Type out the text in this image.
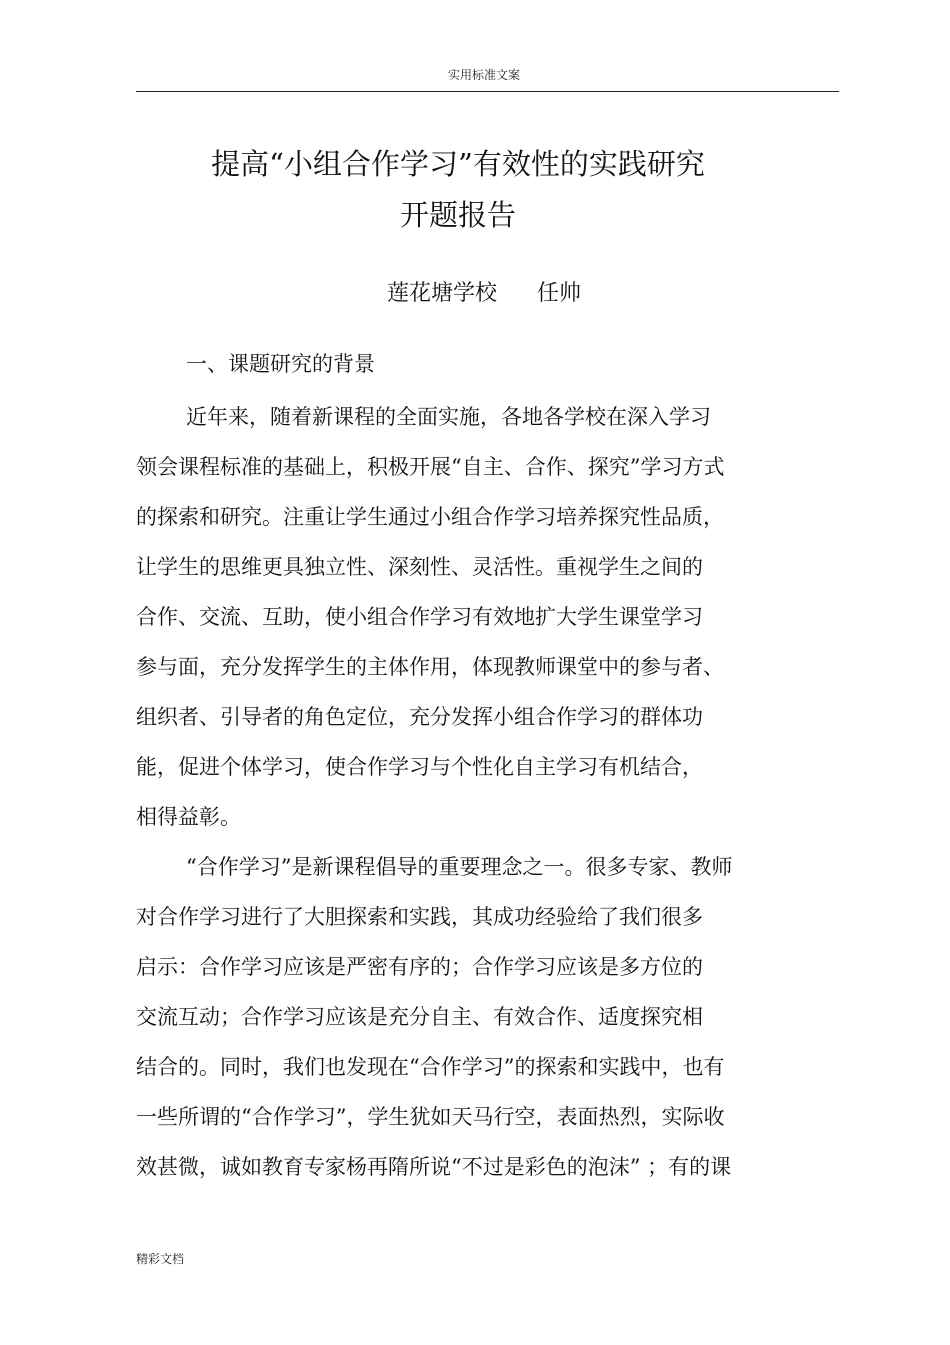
实用标准文案
提高“小组合作学习”有效性的实践研究
开题报告
莲花塘学校 任帅
一、课题研究的背景
近年来，随着新课程的全面实施，各地各学校在深入学习
领会课程标准的基础上，积极开展“自主、合作、探究”学习方式
的探索和研究。注重让学生通过小组合作学习培养探究性品质，
让学生的思维更具独立性、深刻性、灵活性。重视学生之间的
合作、交流、互助，使小组合作学习有效地扩大学生课堂学习
参与面，充分发挥学生的主体作用，体现教师课堂中的参与者、
组织者、引导者的角色定位，充分发挥小组合作学习的群体功
能，促进个体学习，使合作学习与个性化自主学习有机结合，
相得益彰。
“合作学习”是新课程倡导的重要理念之一。很多专家、教师
对合作学习进行了大胆探索和实践，其成功经验给了我们很多
启示：合作学习应该是严密有序的；合作学习应该是多方位的
交流互动；合作学习应该是充分自主、有效合作、适度探究相
结合的。同时，我们也发现在“合作学习”的探索和实践中，也有
一些所谓的“合作学习”，学生犹如天马行空，表面热烈，实际收
效甚微，诚如教育专家杨再隋所说“不过是彩色的泡沫” ；有的课
精彩文档
